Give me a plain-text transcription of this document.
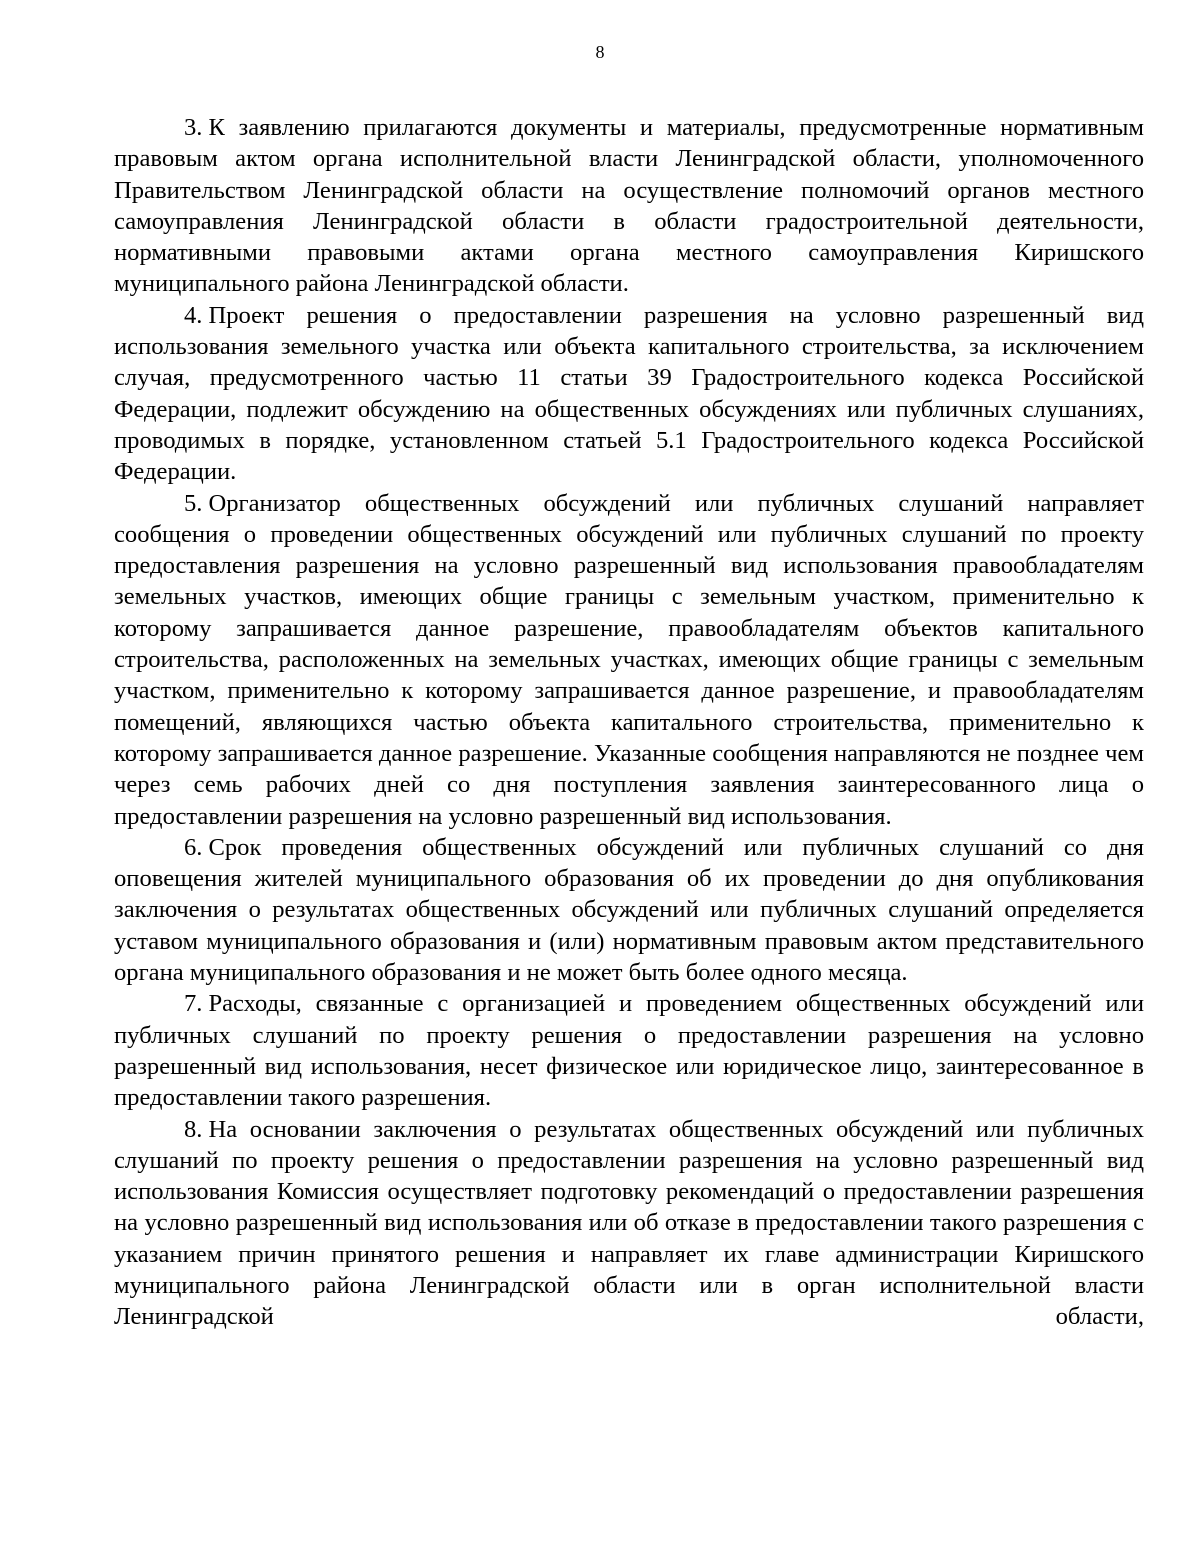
8

3. К заявлению прилагаются документы и материалы, предусмотренные нормативным правовым актом органа исполнительной власти Ленинградской области, уполномоченного Правительством Ленинградской области на осуществление полномочий органов местного самоуправления Ленинградской области в области градостроительной деятельности, нормативными правовыми актами органа местного самоуправления Киришского муниципального района Ленинградской области.

4. Проект решения о предоставлении разрешения на условно разрешенный вид использования земельного участка или объекта капитального строительства, за исключением случая, предусмотренного частью 11 статьи 39 Градостроительного кодекса Российской Федерации, подлежит обсуждению на общественных обсуждениях или публичных слушаниях, проводимых в порядке, установленном статьей 5.1 Градостроительного кодекса Российской Федерации.

5. Организатор общественных обсуждений или публичных слушаний направляет сообщения о проведении общественных обсуждений или публичных слушаний по проекту предоставления разрешения на условно разрешенный вид использования правообладателям земельных участков, имеющих общие границы с земельным участком, применительно к которому запрашивается данное разрешение, правообладателям объектов капитального строительства, расположенных на земельных участках, имеющих общие границы с земельным участком, применительно к которому запрашивается данное разрешение, и правообладателям помещений, являющихся частью объекта капитального строительства, применительно к которому запрашивается данное разрешение. Указанные сообщения направляются не позднее чем через семь рабочих дней со дня поступления заявления заинтересованного лица о предоставлении разрешения на условно разрешенный вид использования.

6. Срок проведения общественных обсуждений или публичных слушаний со дня оповещения жителей муниципального образования об их проведении до дня опубликования заключения о результатах общественных обсуждений или публичных слушаний определяется уставом муниципального образования и (или) нормативным правовым актом представительного органа муниципального образования и не может быть более одного месяца.

7. Расходы, связанные с организацией и проведением общественных обсуждений или публичных слушаний по проекту решения о предоставлении разрешения на условно разрешенный вид использования, несет физическое или юридическое лицо, заинтересованное в предоставлении такого разрешения.

8. На основании заключения о результатах общественных обсуждений или публичных слушаний по проекту решения о предоставлении разрешения на условно разрешенный вид использования Комиссия осуществляет подготовку рекомендаций о предоставлении разрешения на условно разрешенный вид использования или об отказе в предоставлении такого разрешения с указанием причин принятого решения и направляет их главе администрации Киришского муниципального района Ленинградской области или в орган исполнительной власти Ленинградской области,
